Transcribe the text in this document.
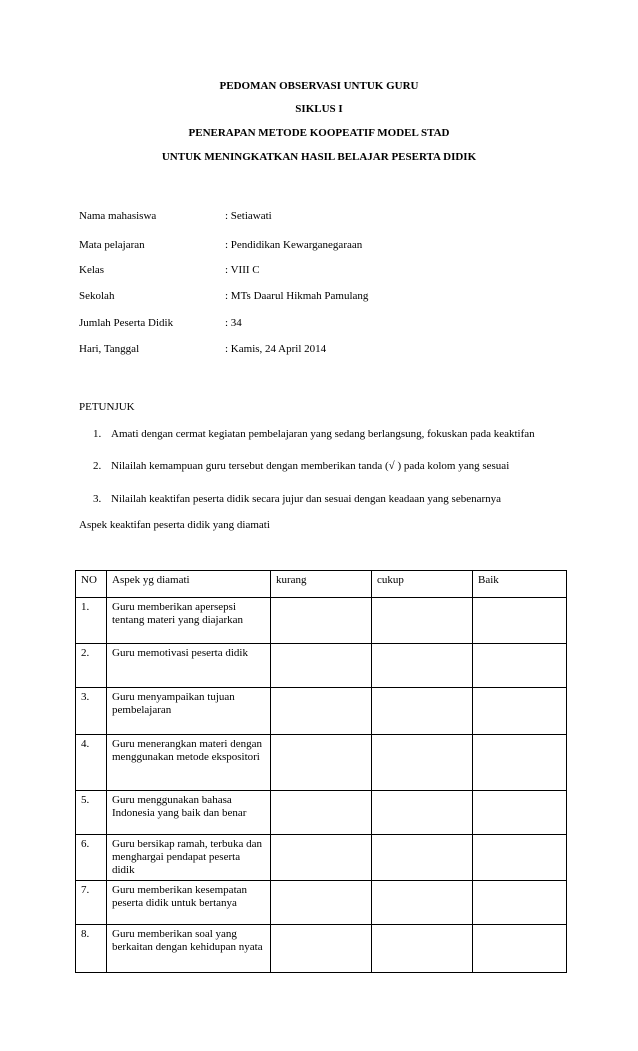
PEDOMAN OBSERVASI UNTUK GURU
SIKLUS I
PENERAPAN METODE KOOPEATIF MODEL STAD
UNTUK MENINGKATKAN HASIL BELAJAR PESERTA DIDIK
Nama mahasiswa	: Setiawati
Mata pelajaran	: Pendidikan Kewarganegaraan
Kelas	: VIII C
Sekolah	: MTs Daarul Hikmah Pamulang
Jumlah Peserta Didik	: 34
Hari, Tanggal	: Kamis, 24 April 2014
PETUNJUK
1. Amati dengan cermat kegiatan pembelajaran yang sedang berlangsung, fokuskan pada keaktifan
2. Nilailah kemampuan guru tersebut dengan memberikan tanda (√ ) pada kolom yang sesuai
3. Nilailah keaktifan peserta didik secara jujur dan sesuai dengan keadaan yang sebenarnya
Aspek keaktifan peserta didik yang diamati
NO	Aspek yg diamati	kurang	cukup	Baik
1.	Guru memberikan apersepsi tentang materi yang diajarkan			
2.	Guru memotivasi peserta didik			
3.	Guru menyampaikan tujuan pembelajaran			
4.	Guru menerangkan materi dengan menggunakan metode ekspositori			
5.	Guru menggunakan bahasa Indonesia yang baik dan benar			
6.	Guru bersikap ramah, terbuka dan menghargai pendapat peserta didik			
7.	Guru memberikan kesempatan peserta didik untuk bertanya			
8.	Guru memberikan soal yang berkaitan dengan kehidupan nyata			
